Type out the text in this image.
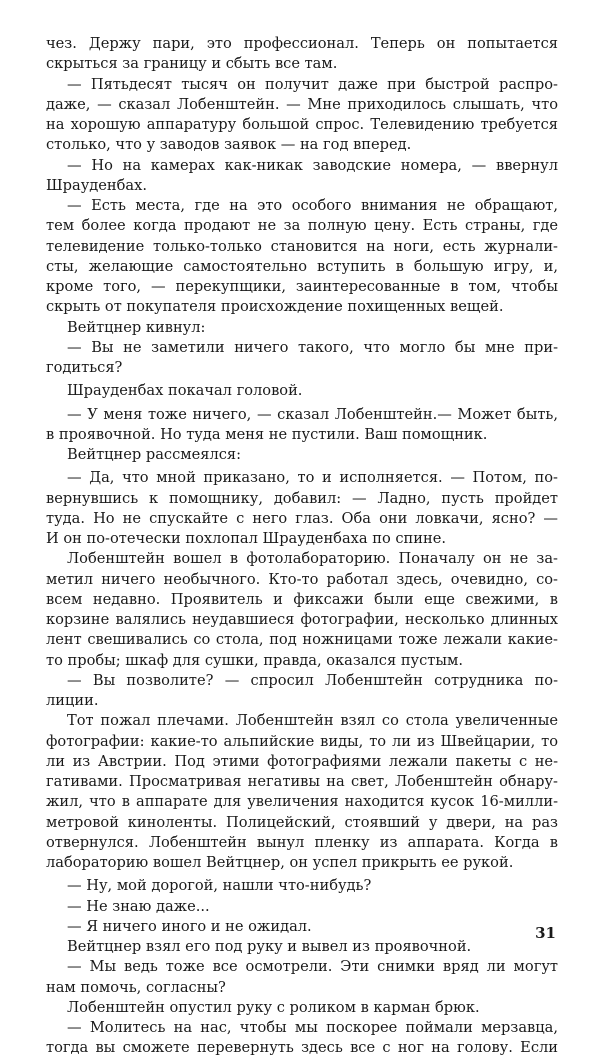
чез. Держу пари, это профессионал. Теперь он попытается
скрыться за границу и сбыть все там.
— Пятьдесят тысяч он получит даже при быстрой распро-
даже, — сказал Лобенштейн. — Мне приходилось слышать, что
на хорошую аппаратуру большой спрос. Телевидению требуется
столько, что у заводов заявок — на год вперед.
— Но на камерах как-никак заводские номера, — ввернул
Шрауденбах.
— Есть места, где на это особого внимания не обращают,
тем более когда продают не за полную цену. Есть страны, где
телевидение только-только становится на ноги, есть журнали-
сты, желающие самостоятельно вступить в большую игру, и,
кроме того, — перекупщики, заинтересованные в том, чтобы
скрыть от покупателя происхождение похищенных вещей.
Вейтцнер кивнул:
— Вы не заметили ничего такого, что могло бы мне при-
годиться?
Шрауденбах покачал головой.
— У меня тоже ничего, — сказал Лобенштейн.— Может быть,
в проявочной. Но туда меня не пустили. Ваш помощник.
Вейтцнер рассмеялся:
— Да, что мной приказано, то и исполняется. — Потом, по-
вернувшись к помощнику, добавил: — Ладно, пусть пройдет
туда. Но не спускайте с него глаз. Оба они ловкачи, ясно? —
И он по-отечески похлопал Шрауденбаха по спине.
Лобенштейн вошел в фотолабораторию. Поначалу он не за-
метил ничего необычного. Кто-то работал здесь, очевидно, со-
всем недавно. Проявитель и фиксажи были еще свежими, в
корзине валялись неудавшиеся фотографии, несколько длинных
лент свешивались со стола, под ножницами тоже лежали какие-
то пробы; шкаф для сушки, правда, оказался пустым.
— Вы позволите? — спросил Лобенштейн сотрудника по-
лиции.
Тот пожал плечами. Лобенштейн взял со стола увеличенные
фотографии: какие-то альпийские виды, то ли из Швейцарии, то
ли из Австрии. Под этими фотографиями лежали пакеты с не-
гативами. Просматривая негативы на свет, Лобенштейн обнару-
жил, что в аппарате для увеличения находится кусок 16-милли-
метровой киноленты. Полицейский, стоявший у двери, на раз
отвернулся. Лобенштейн вынул пленку из аппарата. Когда в
лабораторию вошел Вейтцнер, он успел прикрыть ее рукой.
— Ну, мой дорогой, нашли что-нибудь?
— Не знаю даже...
— Я ничего иного и не ожидал.
Вейтцнер взял его под руку и вывел из проявочной.
— Мы ведь тоже все осмотрели. Эти снимки вряд ли могут
нам помочь, согласны?
Лобенштейн опустил руку с роликом в карман брюк.
— Молитесь на нас, чтобы мы поскорее поймали мерзавца,
тогда вы сможете перевернуть здесь все с ног на голову. Если
31
